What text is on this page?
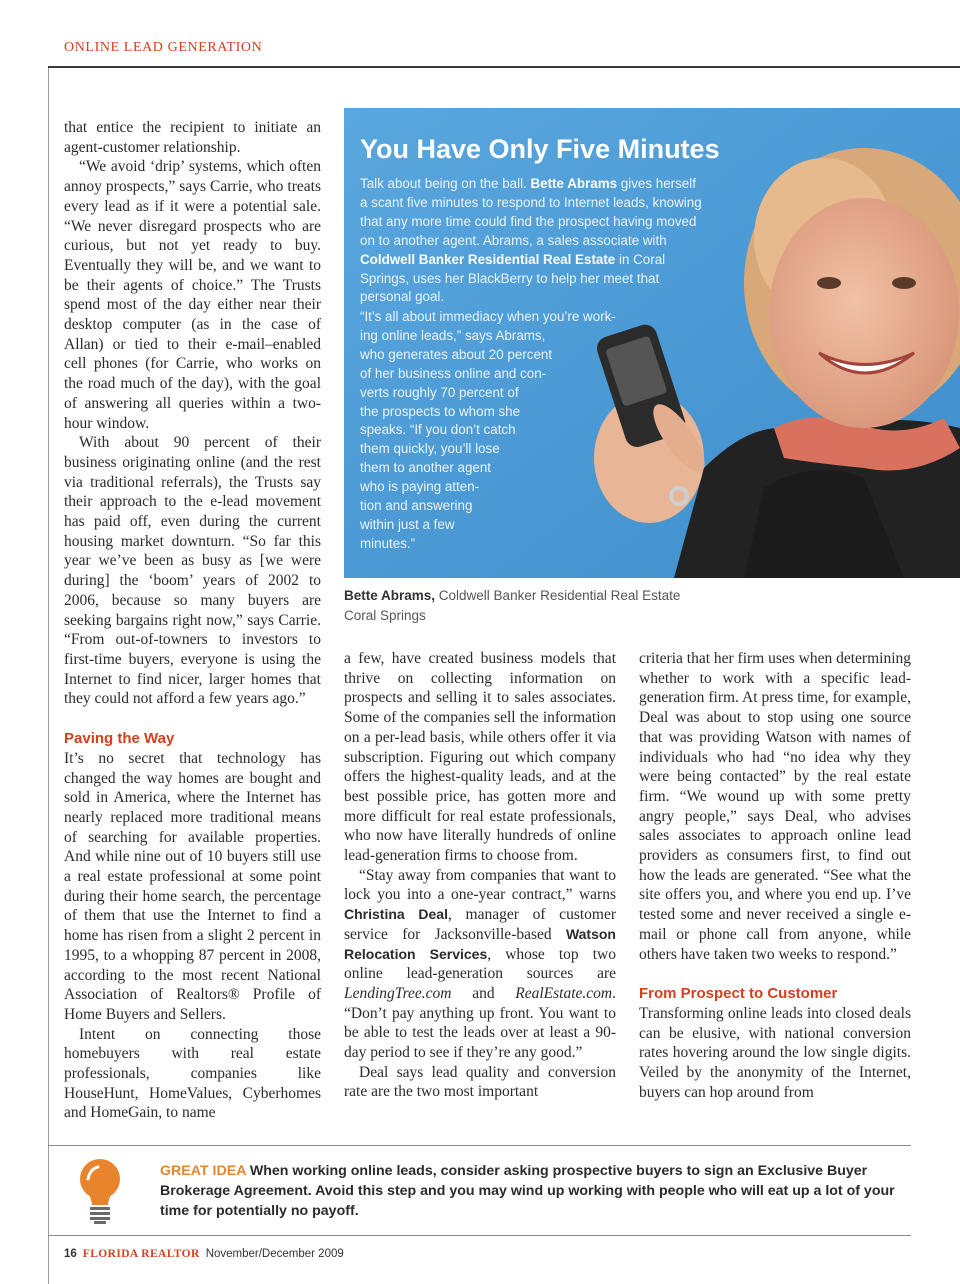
ONLINE LEAD GENERATION

that entice the recipient to initiate an agent-customer relationship.

“We avoid ‘drip’ systems, which often annoy prospects,” says Carrie, who treats every lead as if it were a potential sale. “We never disregard prospects who are curious, but not yet ready to buy. Eventually they will be, and we want to be their agents of choice.” The Trusts spend most of the day either near their desktop computer (as in the case of Allan) or tied to their e-mail–enabled cell phones (for Carrie, who works on the road much of the day), with the goal of answering all queries within a two-hour window.

With about 90 percent of their business originating online (and the rest via traditional referrals), the Trusts say their approach to the e-lead movement has paid off, even during the current housing market downturn. “So far this year we’ve been as busy as [we were during] the ‘boom’ years of 2002 to 2006, because so many buyers are seeking bargains right now,” says Carrie. “From out-of-towners to investors to first-time buyers, everyone is using the Internet to find nicer, larger homes that they could not afford a few years ago.”

Paving the Way

It’s no secret that technology has changed the way homes are bought and sold in America, where the Internet has nearly replaced more traditional means of searching for available properties. And while nine out of 10 buyers still use a real estate professional at some point during their home search, the percentage of them that use the Internet to find a home has risen from a slight 2 percent in 1995, to a whopping 87 percent in 2008, according to the most recent National Association of Realtors® Profile of Home Buyers and Sellers.

Intent on connecting those homebuyers with real estate professionals, companies like HouseHunt, HomeValues, Cyberhomes and HomeGain, to name

You Have Only Five Minutes

Talk about being on the ball. Bette Abrams gives herself a scant five minutes to respond to Internet leads, knowing that any more time could find the prospect having moved on to another agent. Abrams, a sales associate with Coldwell Banker Residential Real Estate in Coral Springs, uses her BlackBerry to help her meet that personal goal.

“It’s all about immediacy when you’re work-
ing online leads,” says Abrams,
who generates about 20 percent
of her business online and con-
verts roughly 70 percent of
the prospects to whom she
speaks. “If you don’t catch
them quickly, you’ll lose
them to another agent
who is paying atten-
tion and answering
within just a few
minutes.”
Bette Abrams, Coldwell Banker Residential Real Estate
Coral Springs

a few, have created business models that thrive on collecting information on prospects and selling it to sales associates. Some of the companies sell the information on a per-lead basis, while others offer it via subscription. Figuring out which company offers the highest-quality leads, and at the best possible price, has gotten more and more difficult for real estate professionals, who now have literally hundreds of online lead-generation firms to choose from.

“Stay away from companies that want to lock you into a one-year contract,” warns Christina Deal, manager of customer service for Jacksonville-based Watson Relocation Services, whose top two online lead-generation sources are LendingTree.com and RealEstate.com. “Don’t pay anything up front. You want to be able to test the leads over at least a 90-day period to see if they’re any good.”

Deal says lead quality and conversion rate are the two most important

criteria that her firm uses when determining whether to work with a specific lead-generation firm. At press time, for example, Deal was about to stop using one source that was providing Watson with names of individuals who had “no idea why they were being contacted” by the real estate firm. “We wound up with some pretty angry people,” says Deal, who advises sales associates to approach online lead providers as consumers first, to find out how the leads are generated. “See what the site offers you, and where you end up. I’ve tested some and never received a single e-mail or phone call from anyone, while others have taken two weeks to respond.”

From Prospect to Customer

Transforming online leads into closed deals can be elusive, with national conversion rates hovering around the low single digits. Veiled by the anonymity of the Internet, buyers can hop around from

GREAT IDEA When working online leads, consider asking prospective buyers to sign an Exclusive Buyer Brokerage Agreement. Avoid this step and you may wind up working with people who will eat up a lot of your time for potentially no payoff.
16 FLORIDA REALTOR November/December 2009
